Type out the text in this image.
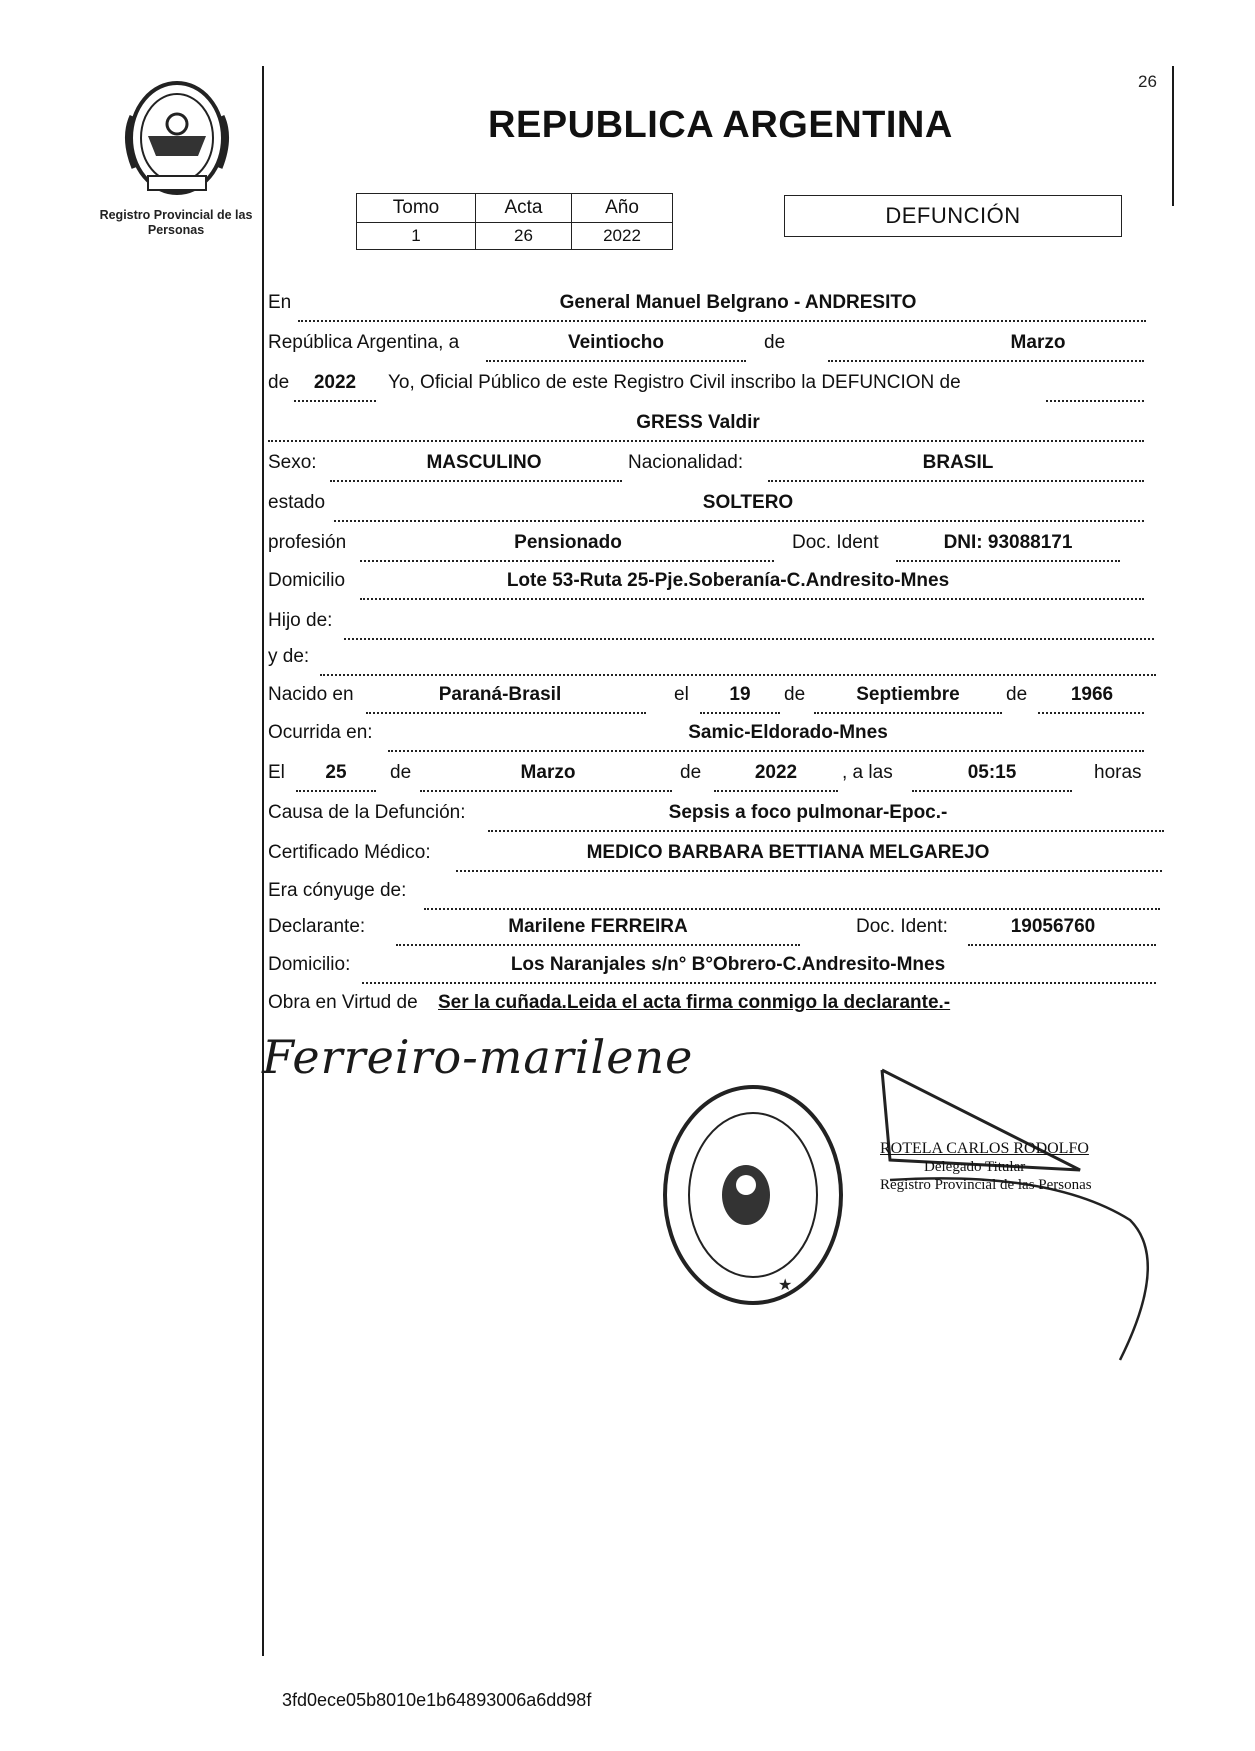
Registro Provincial de las Personas
26
REPUBLICA ARGENTINA
Tomo	Acta	Año
1	26	2022
DEFUNCIÓN
En	General Manuel Belgrano - ANDRESITO
República Argentina, a	Veintiocho	de	Marzo
de	2022	Yo, Oficial Público de este Registro Civil inscribo la DEFUNCION de
GRESS Valdir
Sexo:	MASCULINO	Nacionalidad:	BRASIL
estado	SOLTERO
profesión	Pensionado	Doc. Ident	DNI: 93088171
Domicilio	Lote 53-Ruta 25-Pje.Soberanía-C.Andresito-Mnes
Hijo de:
y de:
Nacido en	Paraná-Brasil	el	19	de	Septiembre	de	1966
Ocurrida en:	Samic-Eldorado-Mnes
El	25	de	Marzo	de	2022	, a las	05:15	horas
Causa de la Defunción:	Sepsis a foco pulmonar-Epoc.-
Certificado Médico:	MEDICO BARBARA BETTIANA MELGAREJO
Era cónyuge de:
Declarante:	Marilene FERREIRA	Doc. Ident:	19056760
Domicilio:	Los Naranjales s/n° B°Obrero-C.Andresito-Mnes
Obra en Virtud de Ser la cuñada.Leida el acta firma conmigo la declarante.-
Ferreiro-marilene
★
ROTELA CARLOS RODOLFO
Delegado Titular
Registro Provincial de las Personas
3fd0ece05b8010e1b64893006a6dd98f
